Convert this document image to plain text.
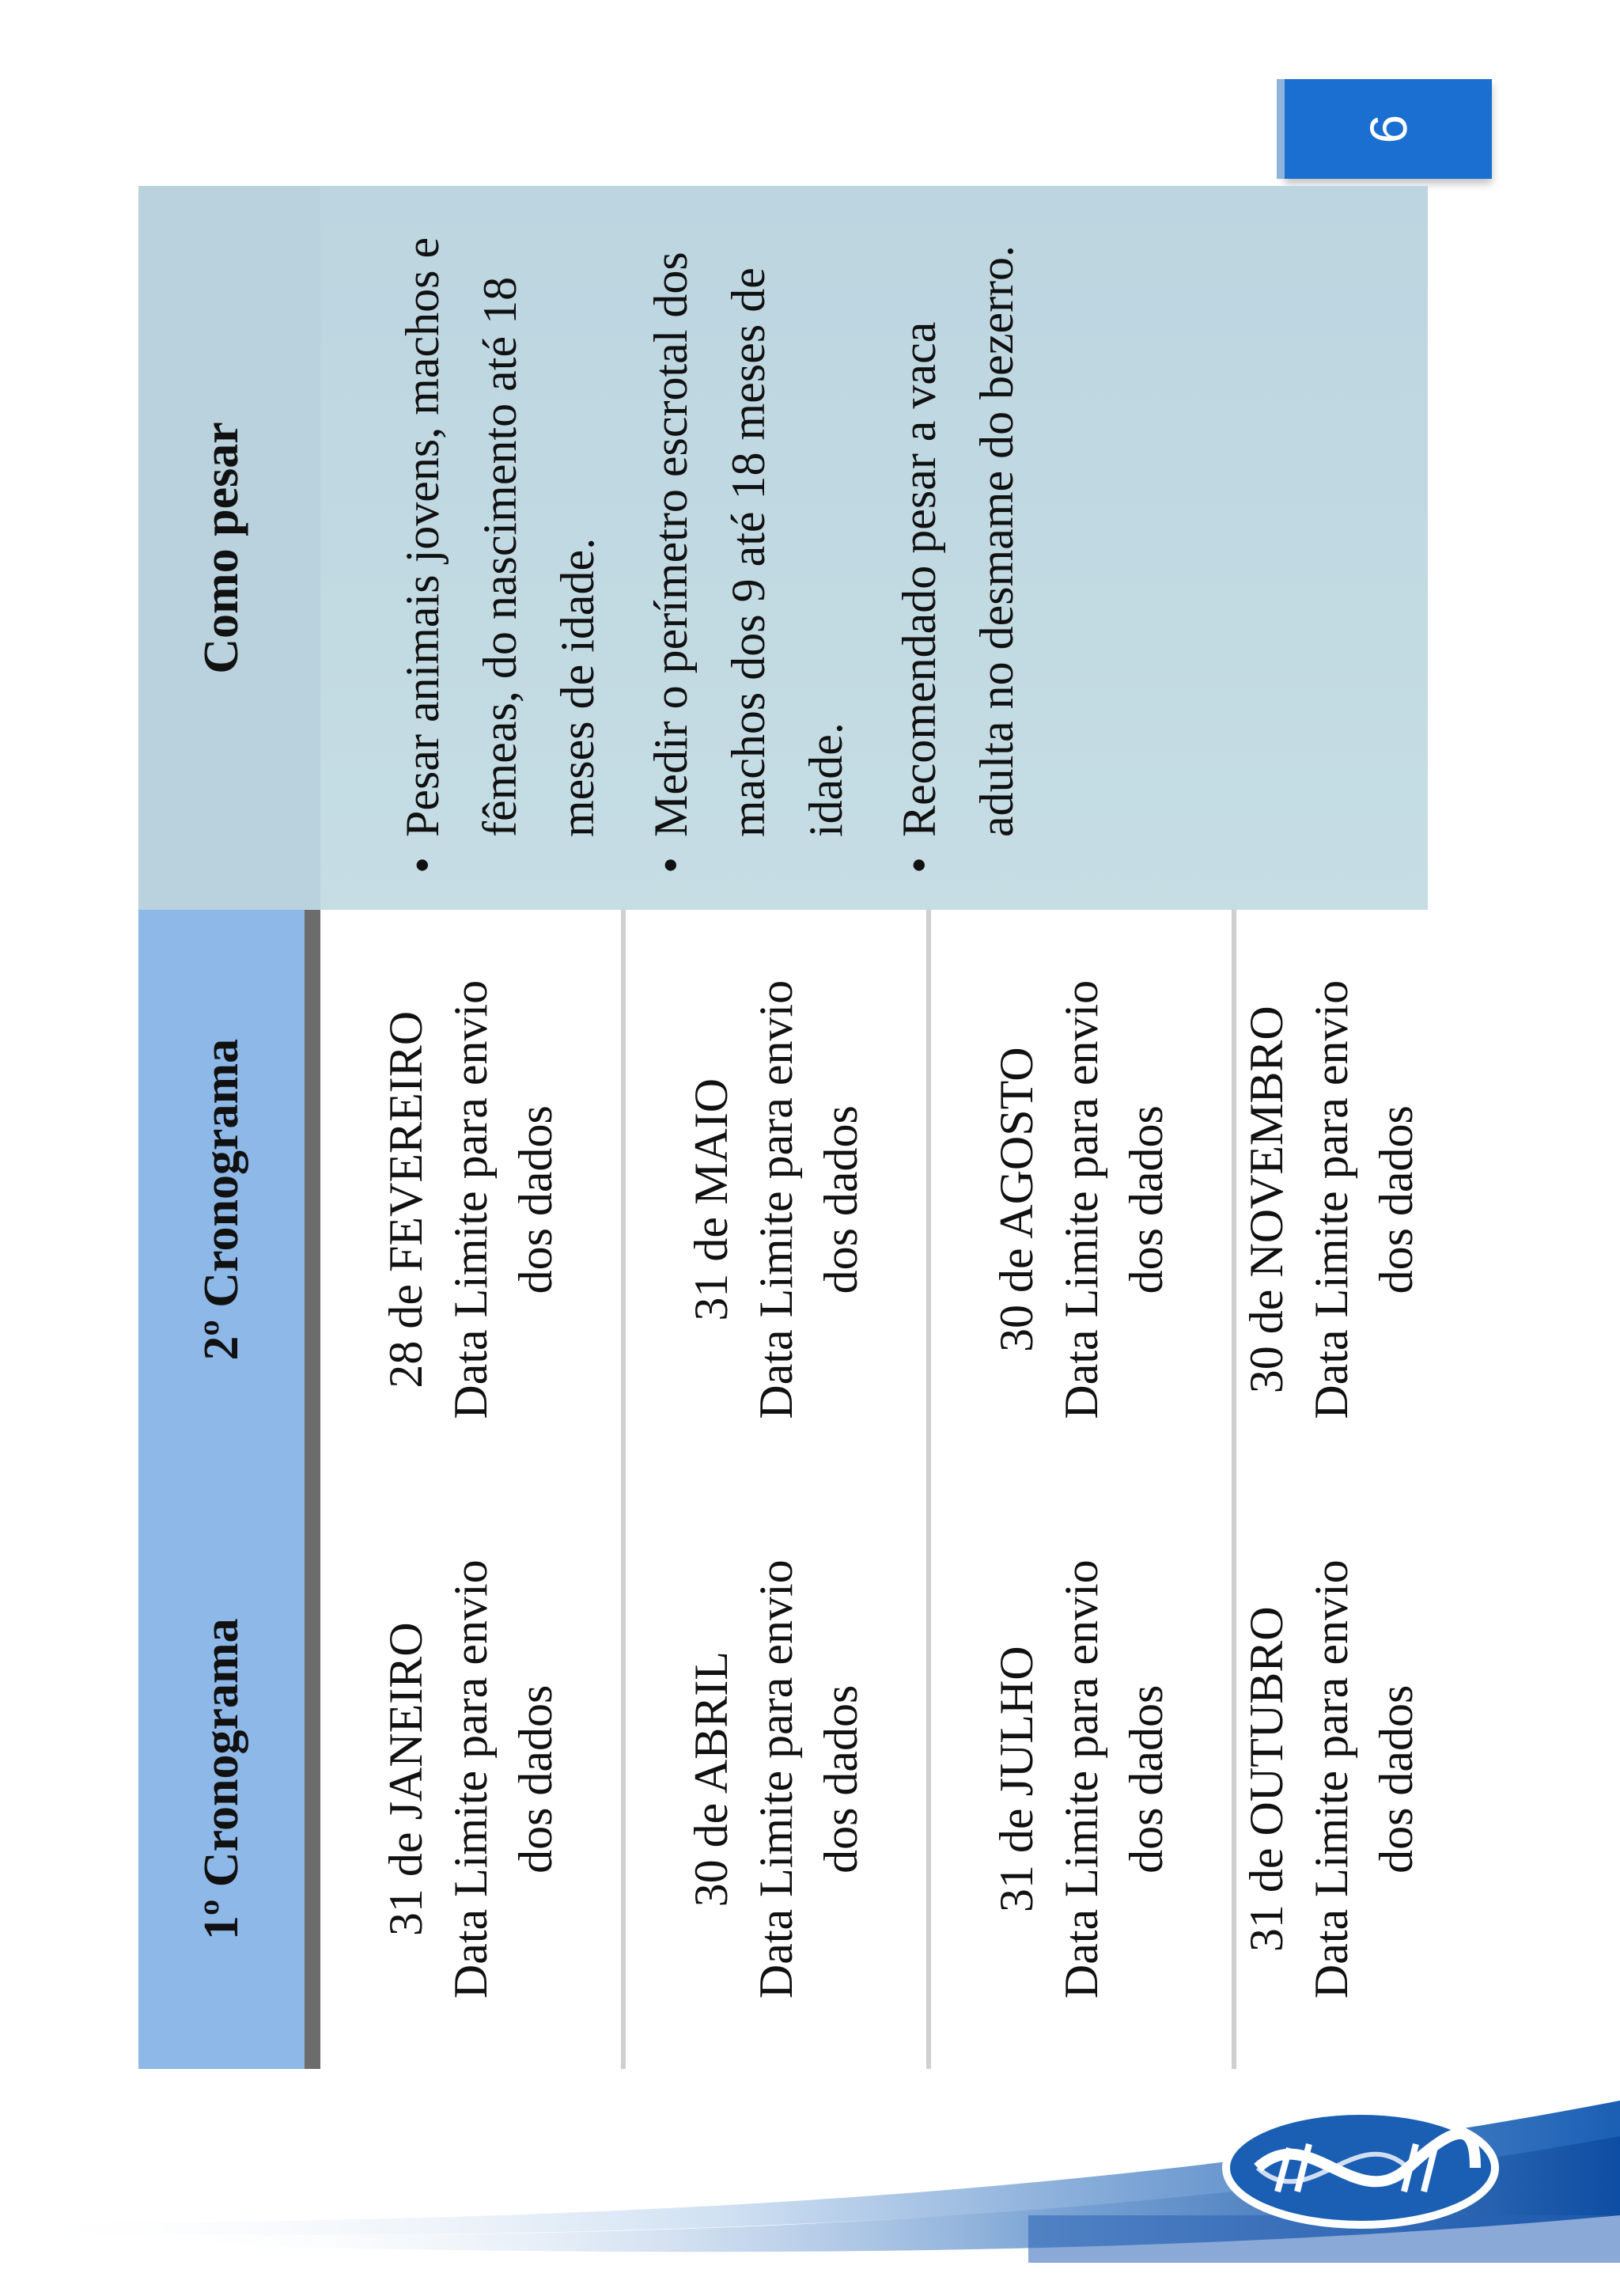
9
1º Cronograma
2º Cronograma
Como pesar
31 de JANEIRO Data Limite para envio dos dados
28 de FEVEREIRO Data Limite para envio dos dados
30 de ABRIL Data Limite para envio dos dados
31 de MAIO Data Limite para envio dos dados
31 de JULHO Data Limite para envio dos dados
30 de AGOSTO Data Limite para envio dos dados
31 de OUTUBRO Data Limite para envio dos dados
30 de NOVEMBRO Data Limite para envio dos dados
•
Pesar animais jovens, machos e fêmeas, do nascimento até 18 meses de idade.
•
Medir o perímetro escrotal dos machos dos 9 até 18 meses de idade.
•
Recomendado pesar a vaca adulta no desmame do bezerro.
